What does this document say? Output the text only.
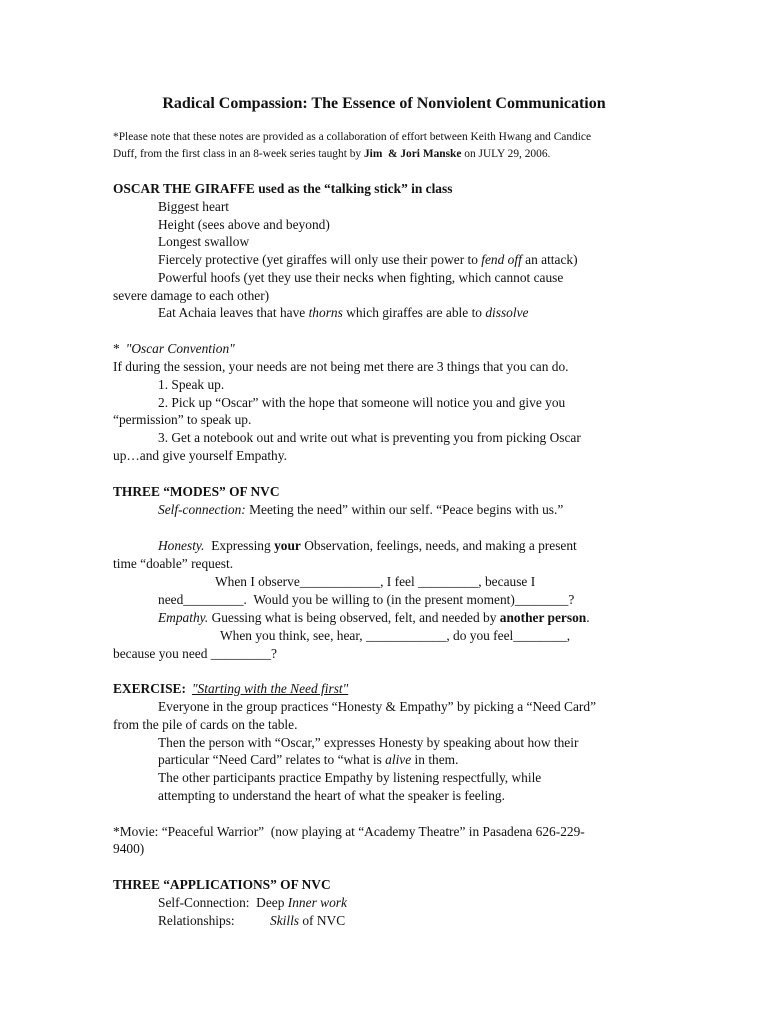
Radical Compassion: The Essence of Nonviolent Communication
*Please note that these notes are provided as a collaboration of effort between Keith Hwang and Candice
Duff, from the first class in an 8-week series taught by Jim  & Jori Manske on JULY 29, 2006.
OSCAR THE GIRAFFE used as the “talking stick” in class
Biggest heart
Height (sees above and beyond)
Longest swallow
Fiercely protective (yet giraffes will only use their power to fend off an attack)
Powerful hoofs (yet they use their necks when fighting, which cannot cause
severe damage to each other)
Eat Achaia leaves that have thorns which giraffes are able to dissolve
* "Oscar Convention"
If during the session, your needs are not being met there are 3 things that you can do.
1. Speak up.
2. Pick up “Oscar” with the hope that someone will notice you and give you
“permission” to speak up.
3. Get a notebook out and write out what is preventing you from picking Oscar
up…and give yourself Empathy.
THREE “MODES” OF NVC
Self-connection: Meeting the need” within our self. “Peace begins with us.”
Honesty.  Expressing your Observation, feelings, needs, and making a present
time “doable” request.
When I observe____________, I feel _________, because I
need_________.  Would you be willing to (in the present moment)________?
Empathy. Guessing what is being observed, felt, and needed by another person.
When you think, see, hear, ____________, do you feel________,
because you need _________?
EXERCISE: "Starting with the Need first"
Everyone in the group practices “Honesty & Empathy” by picking a “Need Card”
from the pile of cards on the table.
Then the person with “Oscar,” expresses Honesty by speaking about how their
particular “Need Card” relates to “what is alive in them.
The other participants practice Empathy by listening respectfully, while
attempting to understand the heart of what the speaker is feeling.
*Movie: “Peaceful Warrior”  (now playing at “Academy Theatre” in Pasadena 626-229-
9400)
THREE “APPLICATIONS” OF NVC
Self-Connection:  Deep Inner work
Relationships:	Skills of NVC
